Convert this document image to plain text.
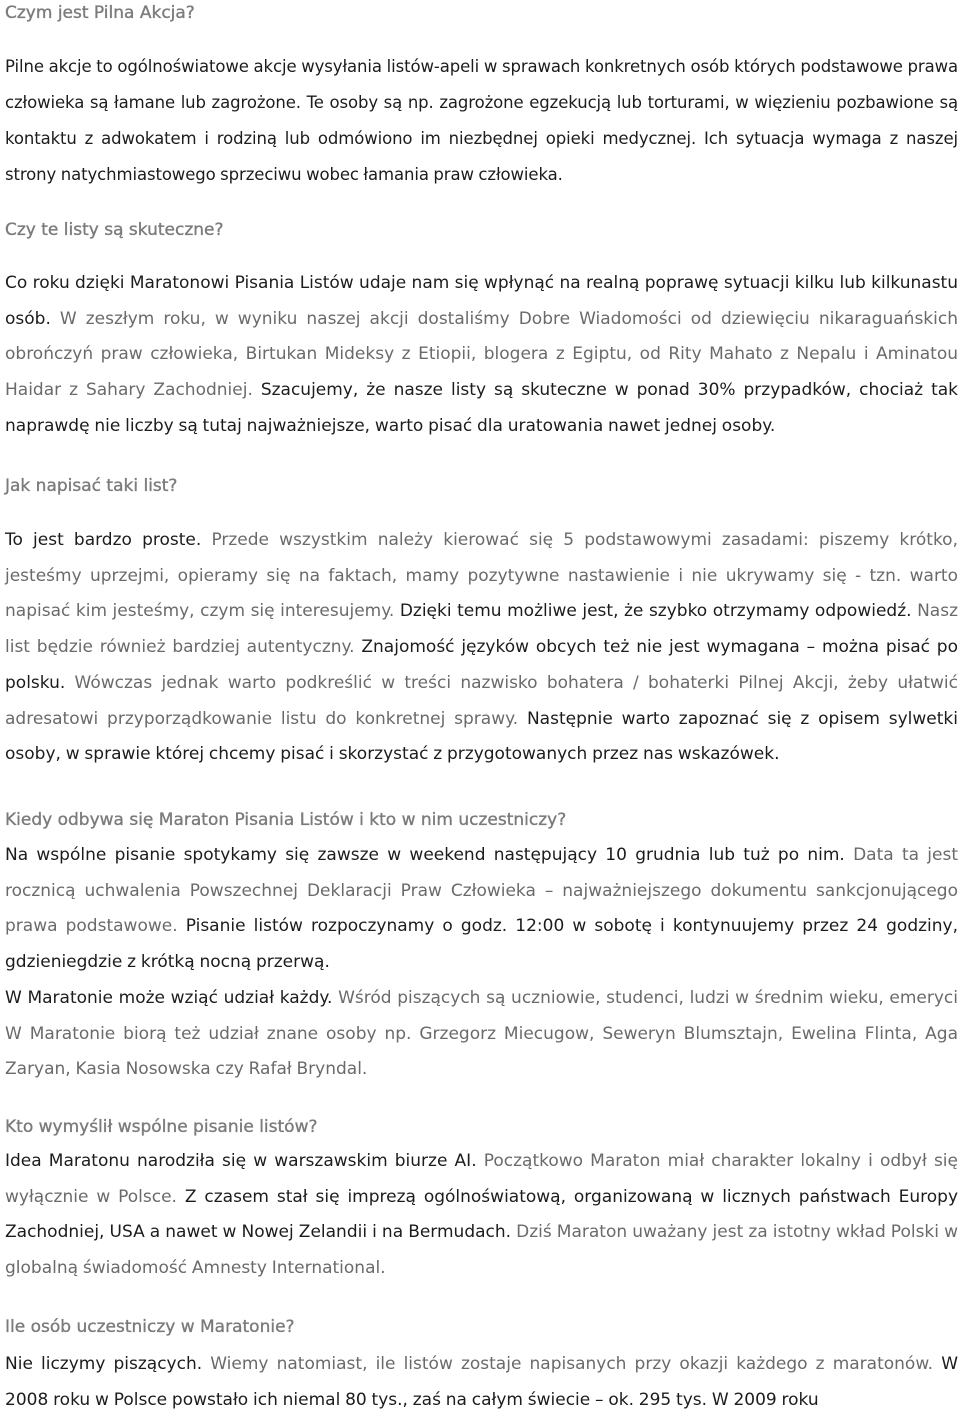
Czym jest Pilna Akcja?

Pilne akcje to ogólnoświatowe akcje wysyłania listów-apeli w sprawach konkretnych osób których podstawowe prawa człowieka są łamane lub zagrożone. Te osoby są np. zagrożone egzekucją lub torturami, w więzieniu pozbawione są kontaktu z adwokatem i rodziną lub odmówiono im niezbędnej opieki medycznej. Ich sytuacja wymaga z naszej strony natychmiastowego sprzeciwu wobec łamania praw człowieka.

Czy te listy są skuteczne?

Co roku dzięki Maratonowi Pisania Listów udaje nam się wpłynąć na realną poprawę sytuacji kilku lub kilkunastu osób. W zeszłym roku, w wyniku naszej akcji dostaliśmy Dobre Wiadomości od dziewięciu nikaraguańskich obrończyń praw człowieka, Birtukan Mideksy z Etiopii, blogera z Egiptu, od Rity Mahato z Nepalu i Aminatou Haidar z Sahary Zachodniej. Szacujemy, że nasze listy są skuteczne w ponad 30% przypadków, chociaż tak naprawdę nie liczby są tutaj najważniejsze, warto pisać dla uratowania nawet jednej osoby.

Jak napisać taki list?

To jest bardzo proste. Przede wszystkim należy kierować się 5 podstawowymi zasadami: piszemy krótko, jesteśmy uprzejmi, opieramy się na faktach, mamy pozytywne nastawienie i nie ukrywamy się - tzn. warto napisać kim jesteśmy, czym się interesujemy. Dzięki temu możliwe jest, że szybko otrzymamy odpowiedź. Nasz list będzie również bardziej autentyczny. Znajomość języków obcych też nie jest wymagana – można pisać po polsku. Wówczas jednak warto podkreślić w treści nazwisko bohatera / bohaterki Pilnej Akcji, żeby ułatwić adresatowi przyporządkowanie listu do konkretnej sprawy. Następnie warto zapoznać się z opisem sylwetki osoby, w sprawie której chcemy pisać i skorzystać z przygotowanych przez nas wskazówek.

Kiedy odbywa się Maraton Pisania Listów i kto w nim uczestniczy?

Na wspólne pisanie spotykamy się zawsze w weekend następujący 10 grudnia lub tuż po nim. Data ta jest rocznicą uchwalenia Powszechnej Deklaracji Praw Człowieka – najważniejszego dokumentu sankcjonującego prawa podstawowe. Pisanie listów rozpoczynamy o godz. 12:00 w sobotę i kontynuujemy przez 24 godziny, gdzieniegdzie z krótką nocną przerwą.

W Maratonie może wziąć udział każdy. Wśród piszących są uczniowie, studenci, ludzi w średnim wieku, emeryci W Maratonie biorą też udział znane osoby np. Grzegorz Miecugow, Seweryn Blumsztajn, Ewelina Flinta, Aga Zaryan, Kasia Nosowska czy Rafał Bryndal.

Kto wymyślił wspólne pisanie listów?

Idea Maratonu narodziła się w warszawskim biurze AI. Początkowo Maraton miał charakter lokalny i odbył się wyłącznie w Polsce. Z czasem stał się imprezą ogólnoświatową, organizowaną w licznych państwach Europy Zachodniej, USA a nawet w Nowej Zelandii i na Bermudach. Dziś Maraton uważany jest za istotny wkład Polski w globalną świadomość Amnesty International.

Ile osób uczestniczy w Maratonie?

Nie liczymy piszących. Wiemy natomiast, ile listów zostaje napisanych przy okazji każdego z maratonów. W 2008 roku w Polsce powstało ich niemal 80 tys., zaś na całym świecie – ok. 295 tys. W 2009 roku
